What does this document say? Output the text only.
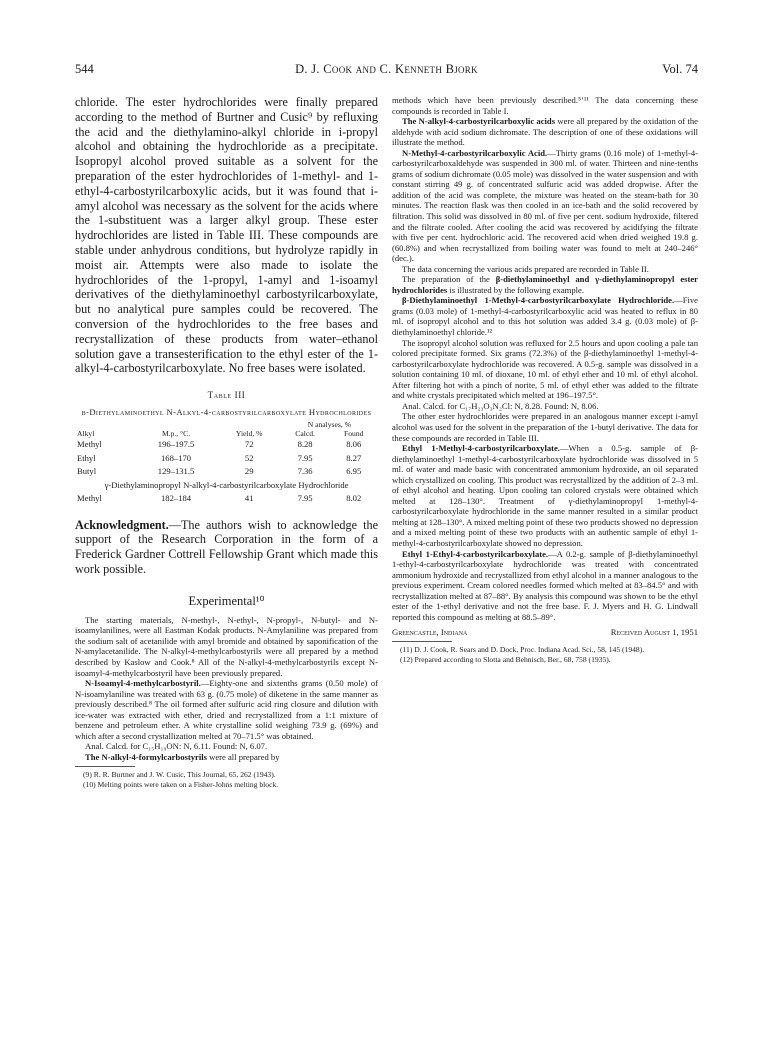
544	D. J. Cook and C. Kenneth Bjork	Vol. 74

chloride. The ester hydrochlorides were finally prepared according to the method of Burtner and Cusic⁹ by refluxing the acid and the diethylamino-alkyl chloride in i-propyl alcohol and obtaining the hydrochloride as a precipitate. Isopropyl alcohol proved suitable as a solvent for the preparation of the ester hydrochlorides of 1-methyl- and 1-ethyl-4-carbostyrilcarboxylic acids, but it was found that i-amyl alcohol was necessary as the solvent for the acids where the 1-substituent was a larger alkyl group. These ester hydrochlorides are listed in Table III. These compounds are stable under anhydrous conditions, but hydrolyze rapidly in moist air. Attempts were also made to isolate the hydrochlorides of the 1-propyl, 1-amyl and 1-isoamyl derivatives of the diethylaminoethyl carbostyrilcarboxylate, but no analytical pure samples could be recovered. The conversion of the hydrochlorides to the free bases and recrystallization of these products from water–ethanol solution gave a transesterification to the ethyl ester of the 1-alkyl-4-carbostyrilcarboxylate. No free bases were isolated.

Table III
β-Diethylaminoethyl N-Alkyl-4-carbostyrilcarboxylate Hydrochlorides
			N analyses, %	
Alkyl	M.p., °C.	Yield, %	Calcd.	Found
Methyl	196–197.5	72	8.28	8.06
Ethyl	168–170	52	7.95	8.27
Butyl	129–131.5	29	7.36	6.95
γ-Diethylaminopropyl N-alkyl-4-carbostyrilcarboxylate Hydrochloride				
Methyl	182–184	41	7.95	8.02

Acknowledgment.—The authors wish to acknowledge the support of the Research Corporation in the form of a Frederick Gardner Cottrell Fellowship Grant which made this work possible.

Experimental¹⁰

The starting materials, N-methyl-, N-ethyl-, N-propyl-, N-butyl- and N-isoamylanilines, were all Eastman Kodak products. N-Amylaniline was prepared from the sodium salt of acetanilide with amyl bromide and obtained by saponification of the N-amylacetanilide. The N-alkyl-4-methylcarbostyrils were all prepared by a method described by Kaslow and Cook.⁸ All of the N-alkyl-4-methylcarbostyrils except N-isoamyl-4-methylcarbostyril have been previously prepared.

N-Isoamyl-4-methylcarbostyril.—Eighty-one and sixtenths grams (0.50 mole) of N-isoamylaniline was treated with 63 g. (0.75 mole) of diketene in the same manner as previously described.⁸ The oil formed after sulfuric acid ring closure and dilution with ice-water was extracted with ether, dried and recrystallized from a 1:1 mixture of benzene and petroleum ether. A white crystalline solid weighing 73.9 g. (69%) and which after a second crystallization melted at 70–71.5° was obtained.

Anal. Calcd. for C₁₅H₁₉ON: N, 6.11. Found: N, 6.07.

The N-alkyl-4-formylcarbostyrils were all prepared by

(9) R. R. Burtner and J. W. Cusic, This Journal, 65, 262 (1943).

(10) Melting points were taken on a Fisher-Johns melting block.

methods which have been previously described.⁵ʼ¹¹ The data concerning these compounds is recorded in Table I.

The N-alkyl-4-carbostyrilcarboxylic acids were all prepared by the oxidation of the aldehyde with acid sodium dichromate. The description of one of these oxidations will illustrate the method.

N-Methyl-4-carbostyrilcarboxylic Acid.—Thirty grams (0.16 mole) of 1-methyl-4-carbostyrilcarboxaldehyde was suspended in 300 ml. of water. Thirteen and nine-tenths grams of sodium dichromate (0.05 mole) was dissolved in the water suspension and with constant stirring 49 g. of concentrated sulfuric acid was added dropwise. After the addition of the acid was complete, the mixture was heated on the steam-bath for 30 minutes. The reaction flask was then cooled in an ice-bath and the solid recovered by filtration. This solid was dissolved in 80 ml. of five per cent. sodium hydroxide, filtered and the filtrate cooled. After cooling the acid was recovered by acidifying the filtrate with five per cent. hydrochloric acid. The recovered acid when dried weighed 19.8 g. (60.8%) and when recrystallized from boiling water was found to melt at 240–246° (dec.).

The data concerning the various acids prepared are recorded in Table II.

The preparation of the β-diethylaminoethyl and γ-diethylaminopropyl ester hydrochlorides is illustrated by the following example.

β-Diethylaminoethyl 1-Methyl-4-carbostyrilcarboxylate Hydrochloride.—Five grams (0.03 mole) of 1-methyl-4-carbostyrilcarboxylic acid was heated to reflux in 80 ml. of isopropyl alcohol and to this hot solution was added 3.4 g. (0.03 mole) of β-diethylaminoethyl chloride.¹²

The isopropyl alcohol solution was refluxed for 2.5 hours and upon cooling a pale tan colored precipitate formed. Six grams (72.3%) of the β-diethylaminoethyl 1-methyl-4-carbostyrilcarboxylate hydrochloride was recovered. A 0.5-g. sample was dissolved in a solution containing 10 ml. of dioxane, 10 ml. of ethyl ether and 10 ml. of ethyl alcohol. After filtering hot with a pinch of norite, 5 ml. of ethyl ether was added to the filtrate and white crystals precipitated which melted at 196–197.5°.

Anal. Calcd. for C₁₇H₂₃O₃N₂Cl: N, 8.28. Found: N, 8.06.

The other ester hydrochlorides were prepared in an analogous manner except i-amyl alcohol was used for the solvent in the preparation of the 1-butyl derivative. The data for these compounds are recorded in Table III.

Ethyl 1-Methyl-4-carbostyrilcarboxylate.—When a 0.5-g. sample of β-diethylaminoethyl 1-methyl-4-carbostyrilcarboxylate hydrochloride was dissolved in 5 ml. of water and made basic with concentrated ammonium hydroxide, an oil separated which crystallized on cooling. This product was recrystallized by the addition of 2–3 ml. of ethyl alcohol and heating. Upon cooling tan colored crystals were obtained which melted at 128–130°. Treatment of γ-diethylaminopropyl 1-methyl-4-carbostyrilcarboxylate hydrochloride in the same manner resulted in a similar product melting at 128–130°. A mixed melting point of these two products showed no depression and a mixed melting point of these two products with an authentic sample of ethyl 1-methyl-4-carbostyrilcarboxylate showed no depression.

Ethyl 1-Ethyl-4-carbostyrilcarboxylate.—A 0.2-g. sample of β-diethylaminoethyl 1-ethyl-4-carbostyrilcarboxylate hydrochloride was treated with concentrated ammonium hydroxide and recrystallized from ethyl alcohol in a manner analogous to the previous experiment. Cream colored needles formed which melted at 83–84.5° and with recrystallization melted at 87–88°. By analysis this compound was shown to be the ethyl ester of the 1-ethyl derivative and not the free base. F. J. Myers and H. G. Lindwall reported this compound as melting at 88.5–89°.

Greencastle, Indiana	Received August 1, 1951

(11) D. J. Cook, R. Sears and D. Dock, Proc. Indiana Acad. Sci., 58, 145 (1948).

(12) Prepared according to Slotta and Behnisch, Ber., 68, 758 (1935).
